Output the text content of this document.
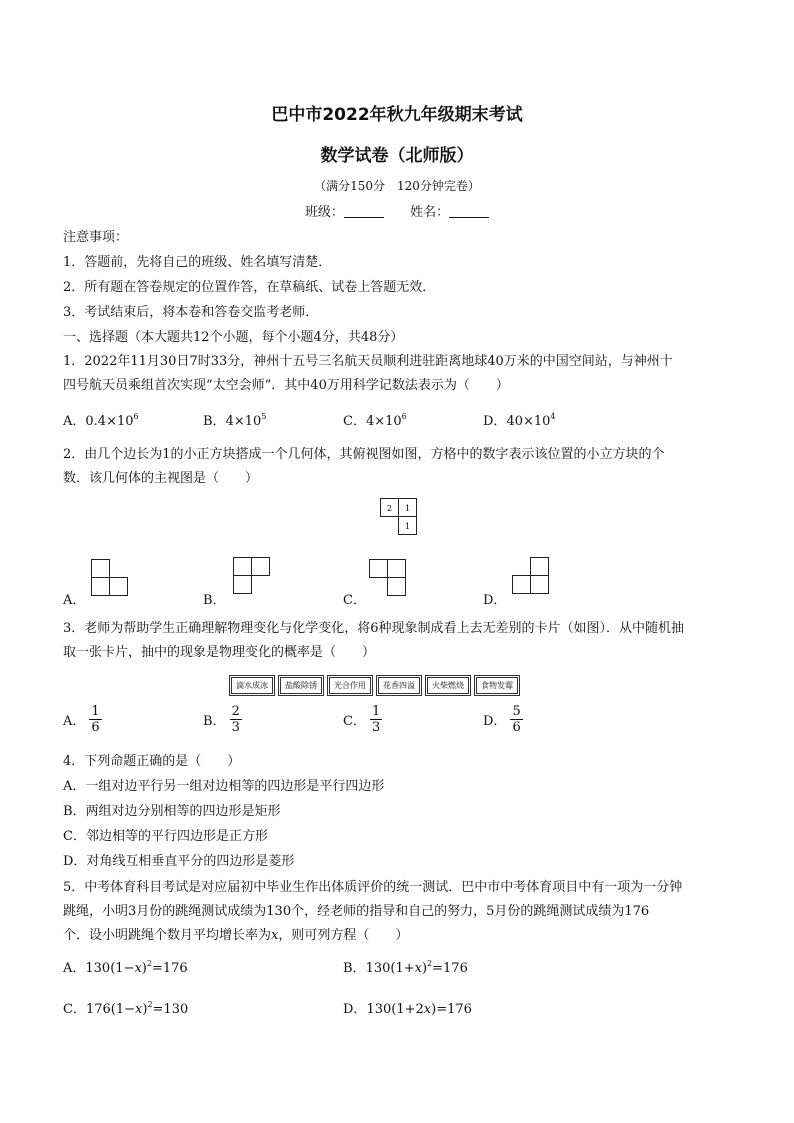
巴中市2022年秋九年级期末考试
数学试卷（北师版）
（满分150分　120分钟完卷）
班级：	姓名：
注意事项：
1．答题前，先将自己的班级、姓名填写清楚．
2．所有题在答卷规定的位置作答，在草稿纸、试卷上答题无效．
3．考试结束后，将本卷和答卷交监考老师．
一、选择题（本大题共12个小题，每个小题4分，共48分）
1．2022年11月30日7时33分，神州十五号三名航天员顺利进驻距离地球40万米的中国空间站，与神州十
四号航天员乘组首次实现“太空会师”．其中40万用科学记数法表示为（　　）
A．$0.4\times 10^6$	B．$4\times 10^5$	C．$4\times 10^6$	D．$40\times 10^4$
2．由几个边长为1的小正方块搭成一个几何体，其俯视图如图，方格中的数字表示该位置的小立方块的个
数．该几何体的主视图是（　　）
2 1
1
A．	B．	C．	D．
3．老师为帮助学生正确理解物理变化与化学变化，将6种现象制成看上去无差别的卡片（如图）．从中随机抽
取一张卡片，抽中的现象是物理变化的概率是（　　）
滴水成冰	盐酸除锈	光合作用	花香四溢	火柴燃烧	食物发霉
A． $\frac{1}{6}$	B． $\frac{2}{3}$	C． $\frac{1}{3}$	D． $\frac{5}{6}$
4．下列命题正确的是（　　）
A．一组对边平行另一组对边相等的四边形是平行四边形
B．两组对边分别相等的四边形是矩形
C．邻边相等的平行四边形是正方形
D．对角线互相垂直平分的四边形是菱形
5．中考体育科目考试是对应届初中毕业生作出体质评价的统一测试．巴中市中考体育项目中有一项为一分钟
跳绳，小明3月份的跳绳测试成绩为130个，经老师的指导和自己的努力，5月份的跳绳测试成绩为176
个．设小明跳绳个数月平均增长率为x，则可列方程（　　）
A．$130(1-x)^2=176$	B．$130(1+x)^2=176$
C．$176(1-x)^2=130$	D．130(1+2x)=176
